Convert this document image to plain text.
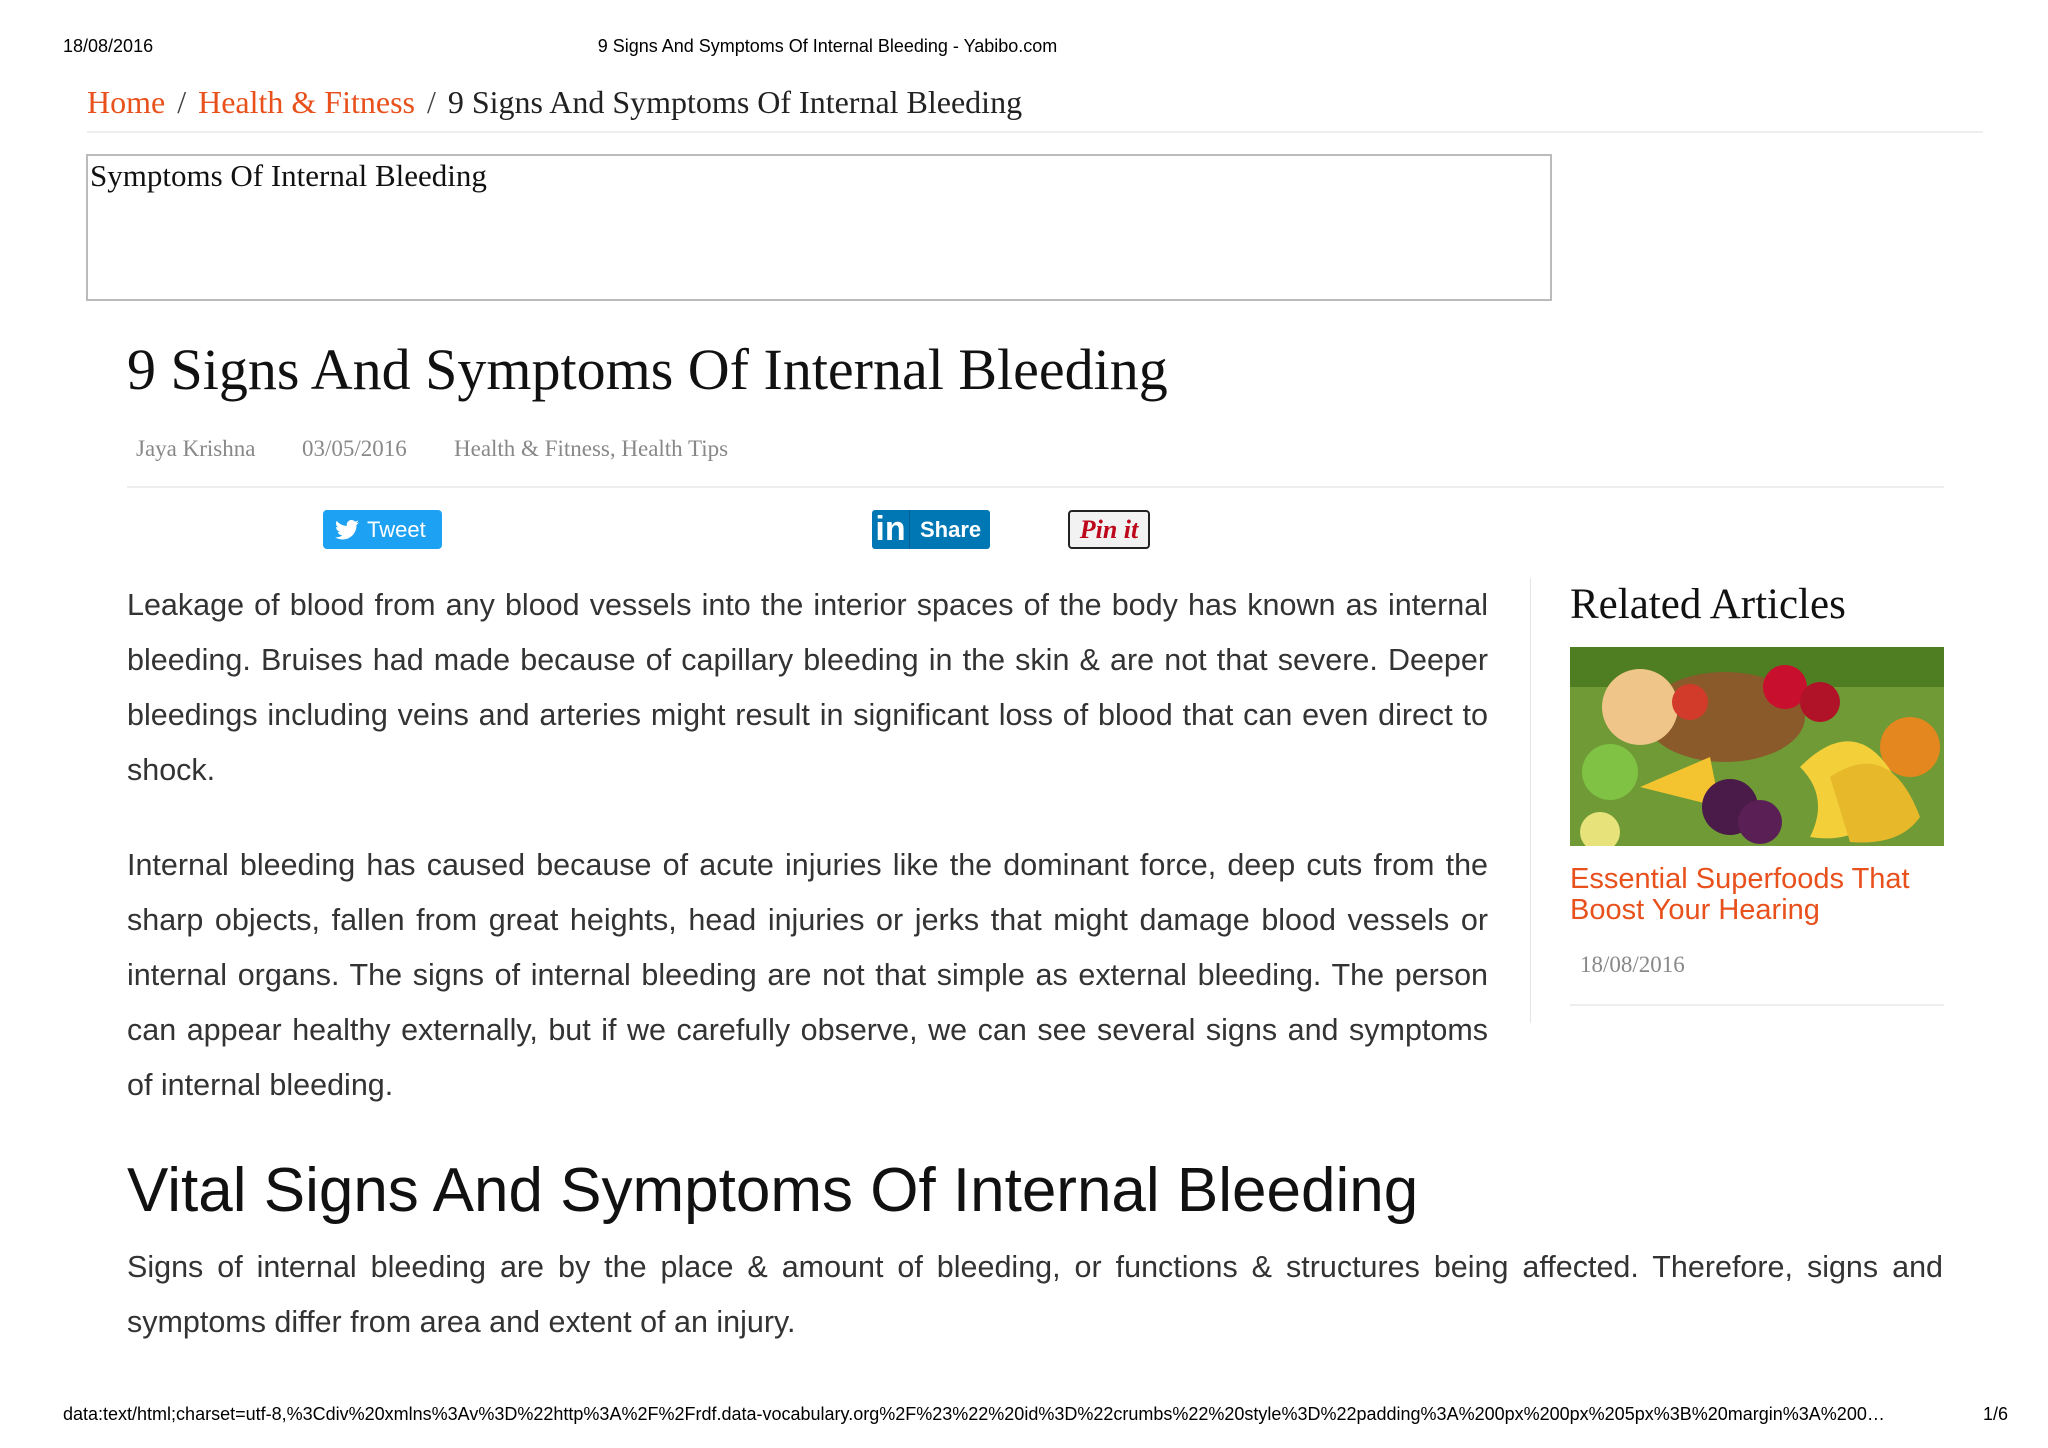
18/08/2016	9 Signs And Symptoms Of Internal Bleeding - Yabibo.com
Home / Health & Fitness / 9 Signs And Symptoms Of Internal Bleeding
Symptoms Of Internal Bleeding
9 Signs And Symptoms Of Internal Bleeding
Jaya Krishna 03/05/2016 Health & Fitness, Health Tips
Tweet	in Share	Pin it

Leakage of blood from any blood vessels into the interior spaces of the body has known as internal bleeding. Bruises had made because of capillary bleeding in the skin & are not that severe. Deeper bleedings including veins and arteries might result in significant loss of blood that can even direct to shock.

Internal bleeding has caused because of acute injuries like the dominant force, deep cuts from the sharp objects, fallen from great heights, head injuries or jerks that might damage blood vessels or internal organs. The signs of internal bleeding are not that simple as external bleeding. The person can appear healthy externally, but if we carefully observe, we can see several signs and symptoms of internal bleeding.

Related Articles
Essential Superfoods That Boost Your Hearing
18/08/2016
Vital Signs And Symptoms Of Internal Bleeding

Signs of internal bleeding are by the place & amount of bleeding, or functions & structures being affected. Therefore, signs and symptoms differ from area and extent of an injury.

data:text/html;charset=utf-8,%3Cdiv%20xmlns%3Av%3D%22http%3A%2F%2Frdf.data-vocabulary.org%2F%23%22%20id%3D%22crumbs%22%20style%3D%22padding%3A%200px%200px%205px%3B%20margin%3A%200…	1/6
